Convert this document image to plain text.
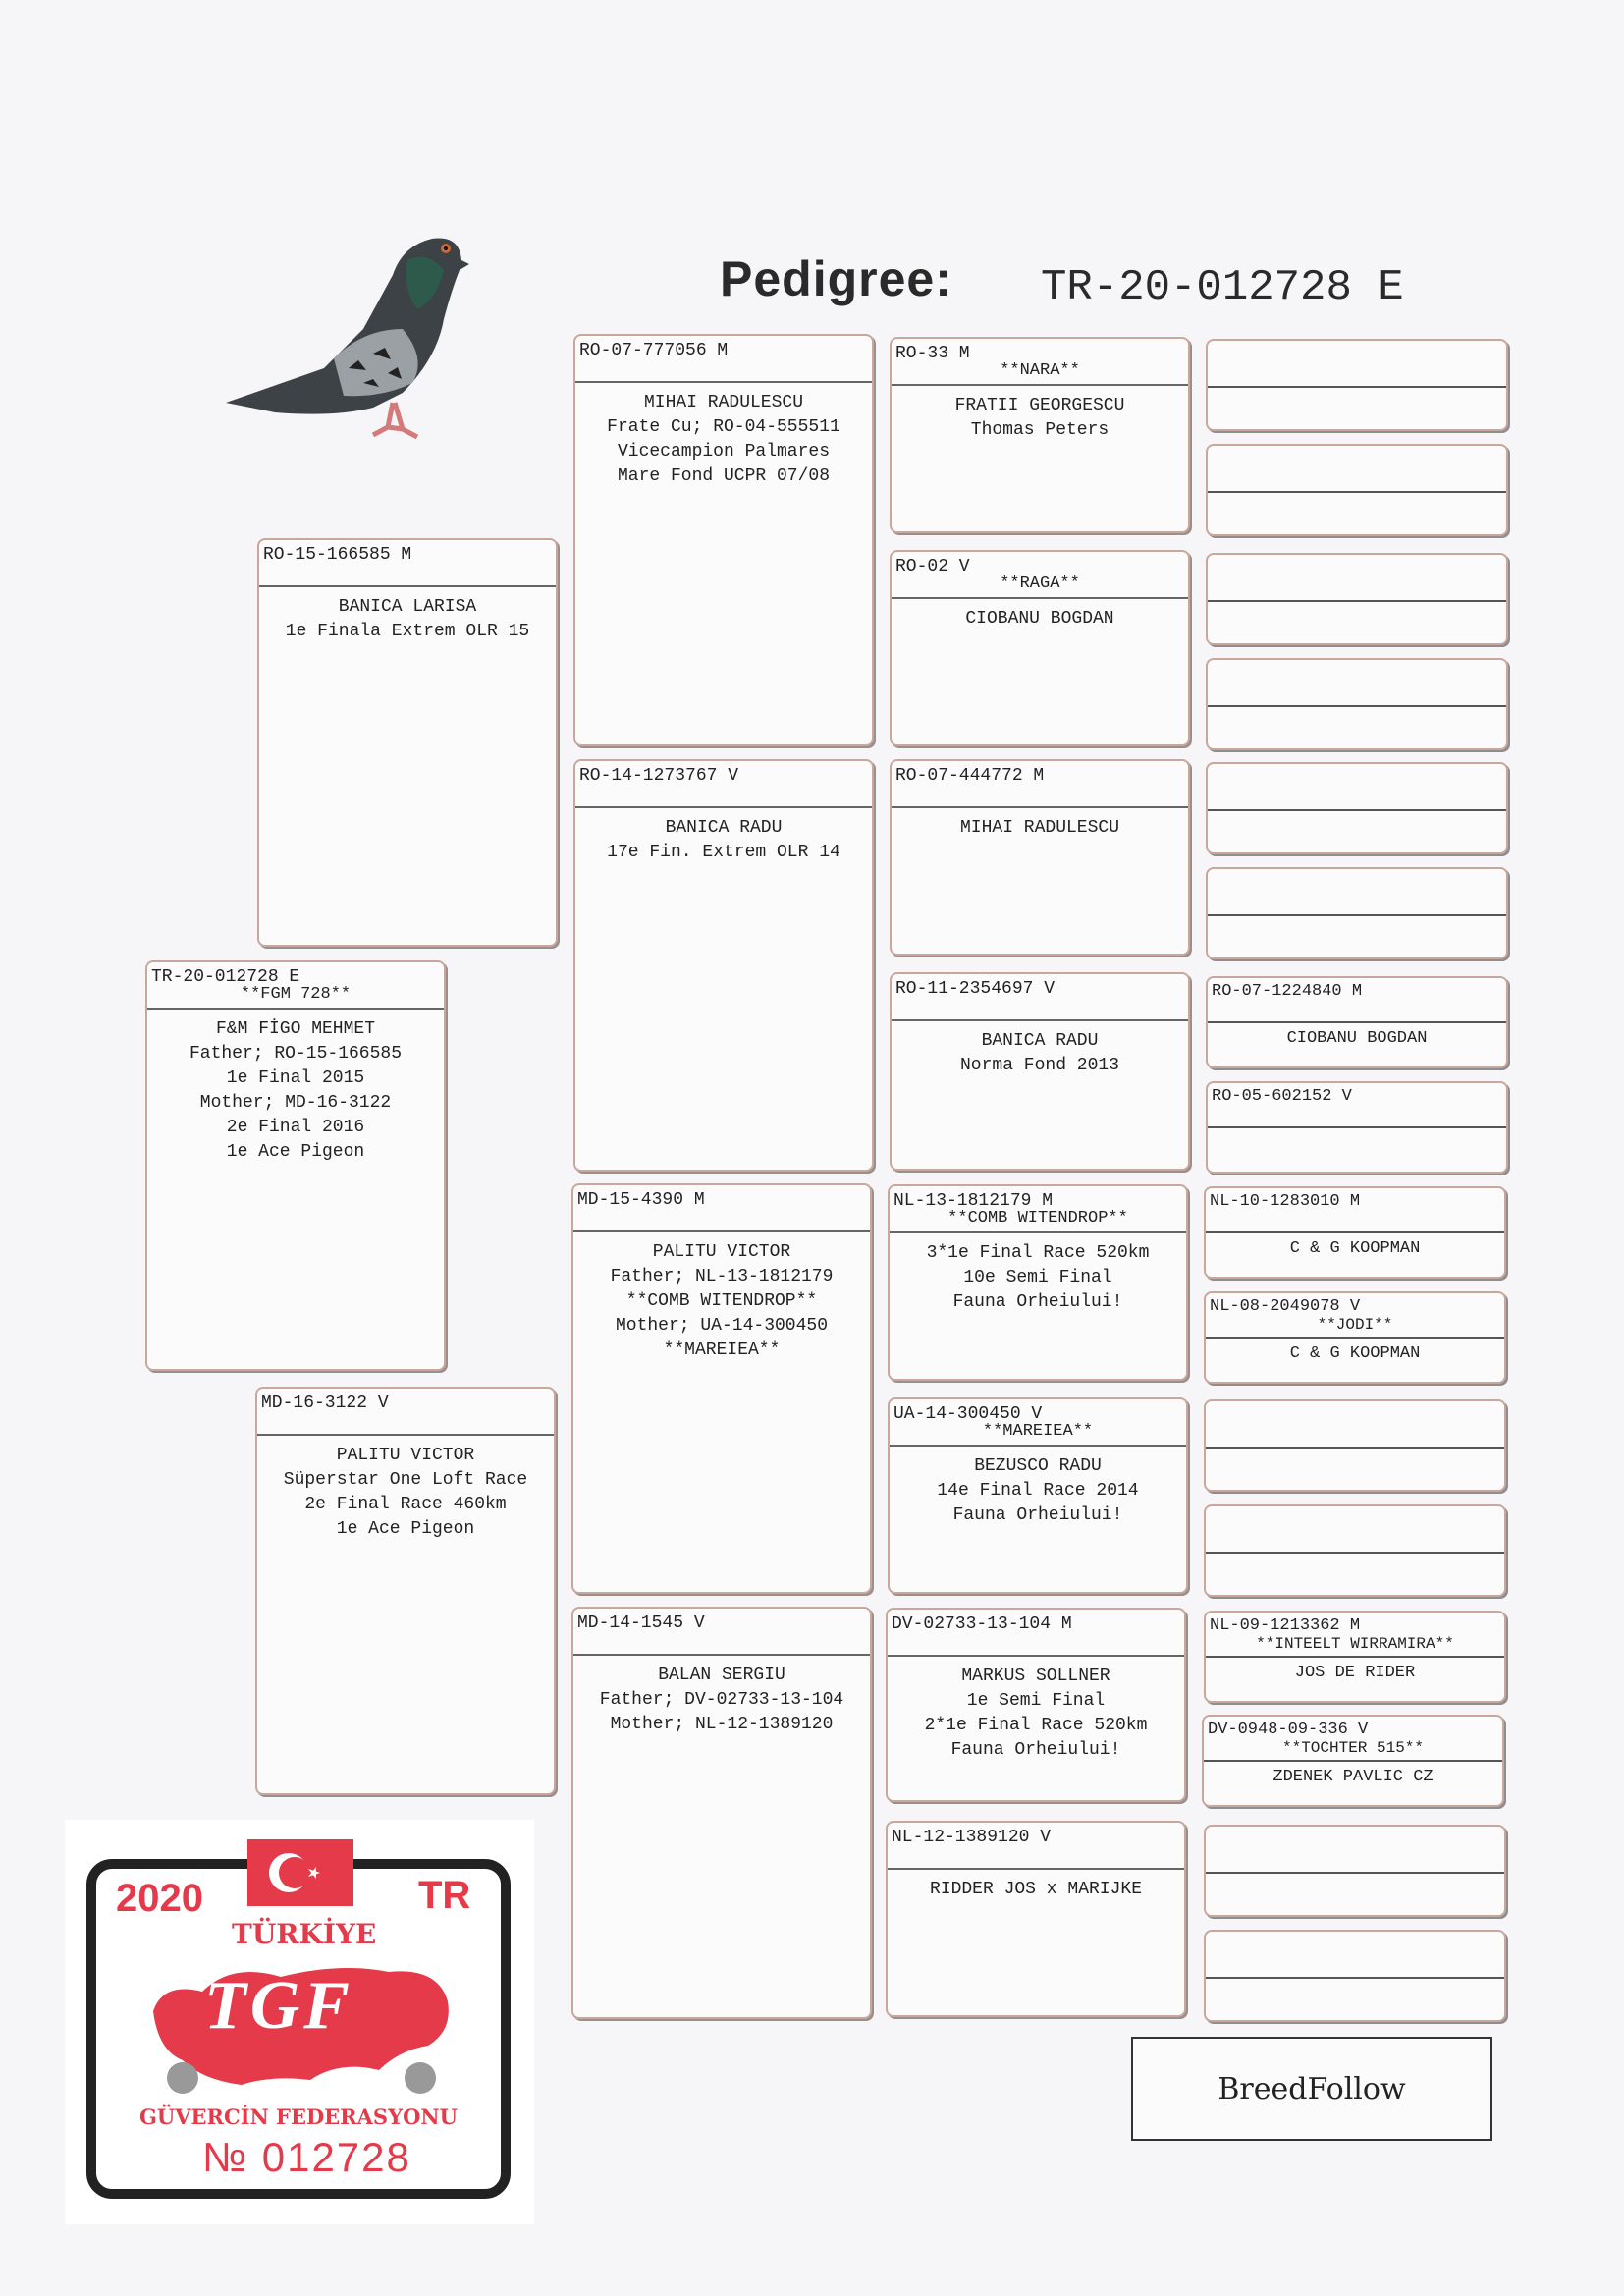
Pedigree: TR-20-012728 E
TR-20-012728 E
**FGM 728**
F&M FİGO MEHMET
Father; RO-15-166585
1e Final 2015
Mother; MD-16-3122
2e Final 2016
1e Ace Pigeon
RO-15-166585 M
BANICA LARISA
1e Finala Extrem OLR 15
MD-16-3122 V
PALITU VICTOR
Süperstar One Loft Race
2e Final Race 460km
1e Ace Pigeon
RO-07-777056 M
MIHAI RADULESCU
Frate Cu; RO-04-555511
Vicecampion Palmares
Mare Fond UCPR 07/08
RO-14-1273767 V
BANICA RADU
17e Fin. Extrem OLR 14
MD-15-4390 M
PALITU VICTOR
Father; NL-13-1812179
**COMB WITENDROP**
Mother; UA-14-300450
**MAREIEA**
MD-14-1545 V
BALAN SERGIU
Father; DV-02733-13-104
Mother; NL-12-1389120
RO-33 M
**NARA**
FRATII GEORGESCU
Thomas Peters
RO-02 V
**RAGA**
CIOBANU BOGDAN
RO-07-444772 M
MIHAI RADULESCU
RO-11-2354697 V
BANICA RADU
Norma Fond 2013
NL-13-1812179 M
**COMB WITENDROP**
3*1e Final Race 520km
10e Semi Final
Fauna Orheiului!
UA-14-300450 V
**MAREIEA**
BEZUSCO RADU
14e Final Race 2014
Fauna Orheiului!
DV-02733-13-104 M
MARKUS SOLLNER
1e Semi Final
2*1e Final Race 520km
Fauna Orheiului!
NL-12-1389120 V
RIDDER JOS x MARIJKE
RO-07-1224840 M
CIOBANU BOGDAN
RO-05-602152 V
NL-10-1283010 M
C & G KOOPMAN
NL-08-2049078 V
**JODI**
C & G KOOPMAN
NL-09-1213362 M
**INTEELT WIRRAMIRA**
JOS DE RIDER
DV-0948-09-336 V
**TOCHTER 515**
ZDENEK PAVLIC CZ
BreedFollow
2020	TR
TÜRKİYE
TGF
GÜVERCİN FEDERASYONU
№ 012728
